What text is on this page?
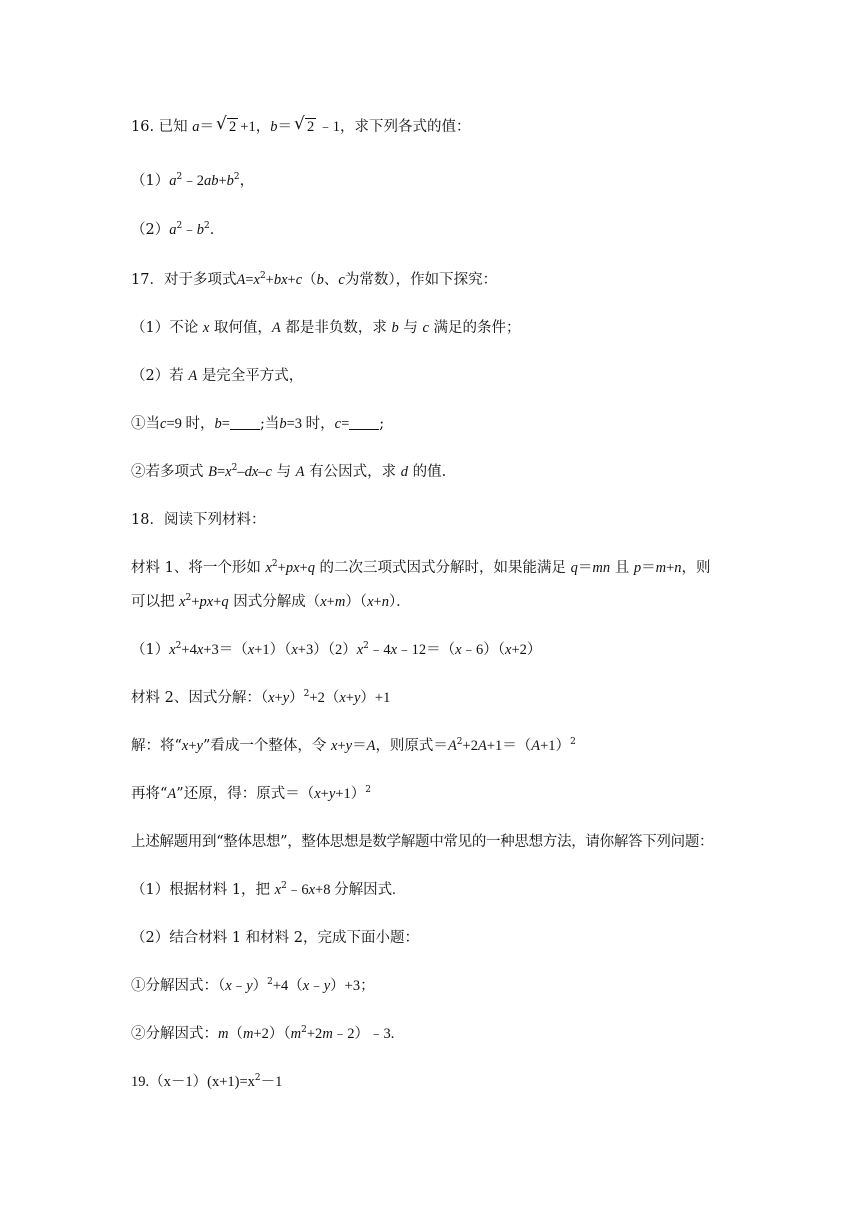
16. 已知 a＝ √ 2 +1，b＝ √ 2 ﹣1，求下列各式的值：
$(1)a^2﹣2ab+b^2$，
$(2)a^2﹣b^2$．
17．对于多项式$A=x^2+bx+c(b$、c为常数），作如下探究：
（1）不论 x 取何值，A 都是非负数，求 b 与 c 满足的条件；
（2）若 A 是完全平方式，
①当c=9 时，b= ;当b=3 时，c= ;
②若多项式 $B=x^2-dx-c$ 与 A 有公因式，求 d 的值.
18．阅读下列材料：
材料 1、将一个形如 $x^2+px+q$ 的二次三项式因式分解时，如果能满足 q＝mn 且 p＝m+n，则
可以把 $x^2+px+q$ 因式分解成（x+m）（x+n）．
$(1)x^2+4x+3=(x+1)(x+3)(2)x^2﹣4x﹣12=(x﹣6)(x+2)$
材料 2、因式分解：$(x+y)^2+2(x+y)+1$
解：将“x+y”看成一个整体，令 x+y＝A，则原式$=A^2+2A+1=(A+1)^2$
再将“A”还原，得：原式$=(x+y+1)^2$
上述解题用到“整体思想”，整体思想是数学解题中常见的一种思想方法，请你解答下列问题：
（1）根据材料 1，把 $x^2﹣6x+8$ 分解因式.
（2）结合材料 1 和材料 2，完成下面小题：
①分解因式：（x﹣y）$^2$+4（x﹣y）+3；
②分解因式：$m(m+2)(m^2+2m﹣2)﹣3$.
$19.(x-1)(x+1)=x^2-1$
